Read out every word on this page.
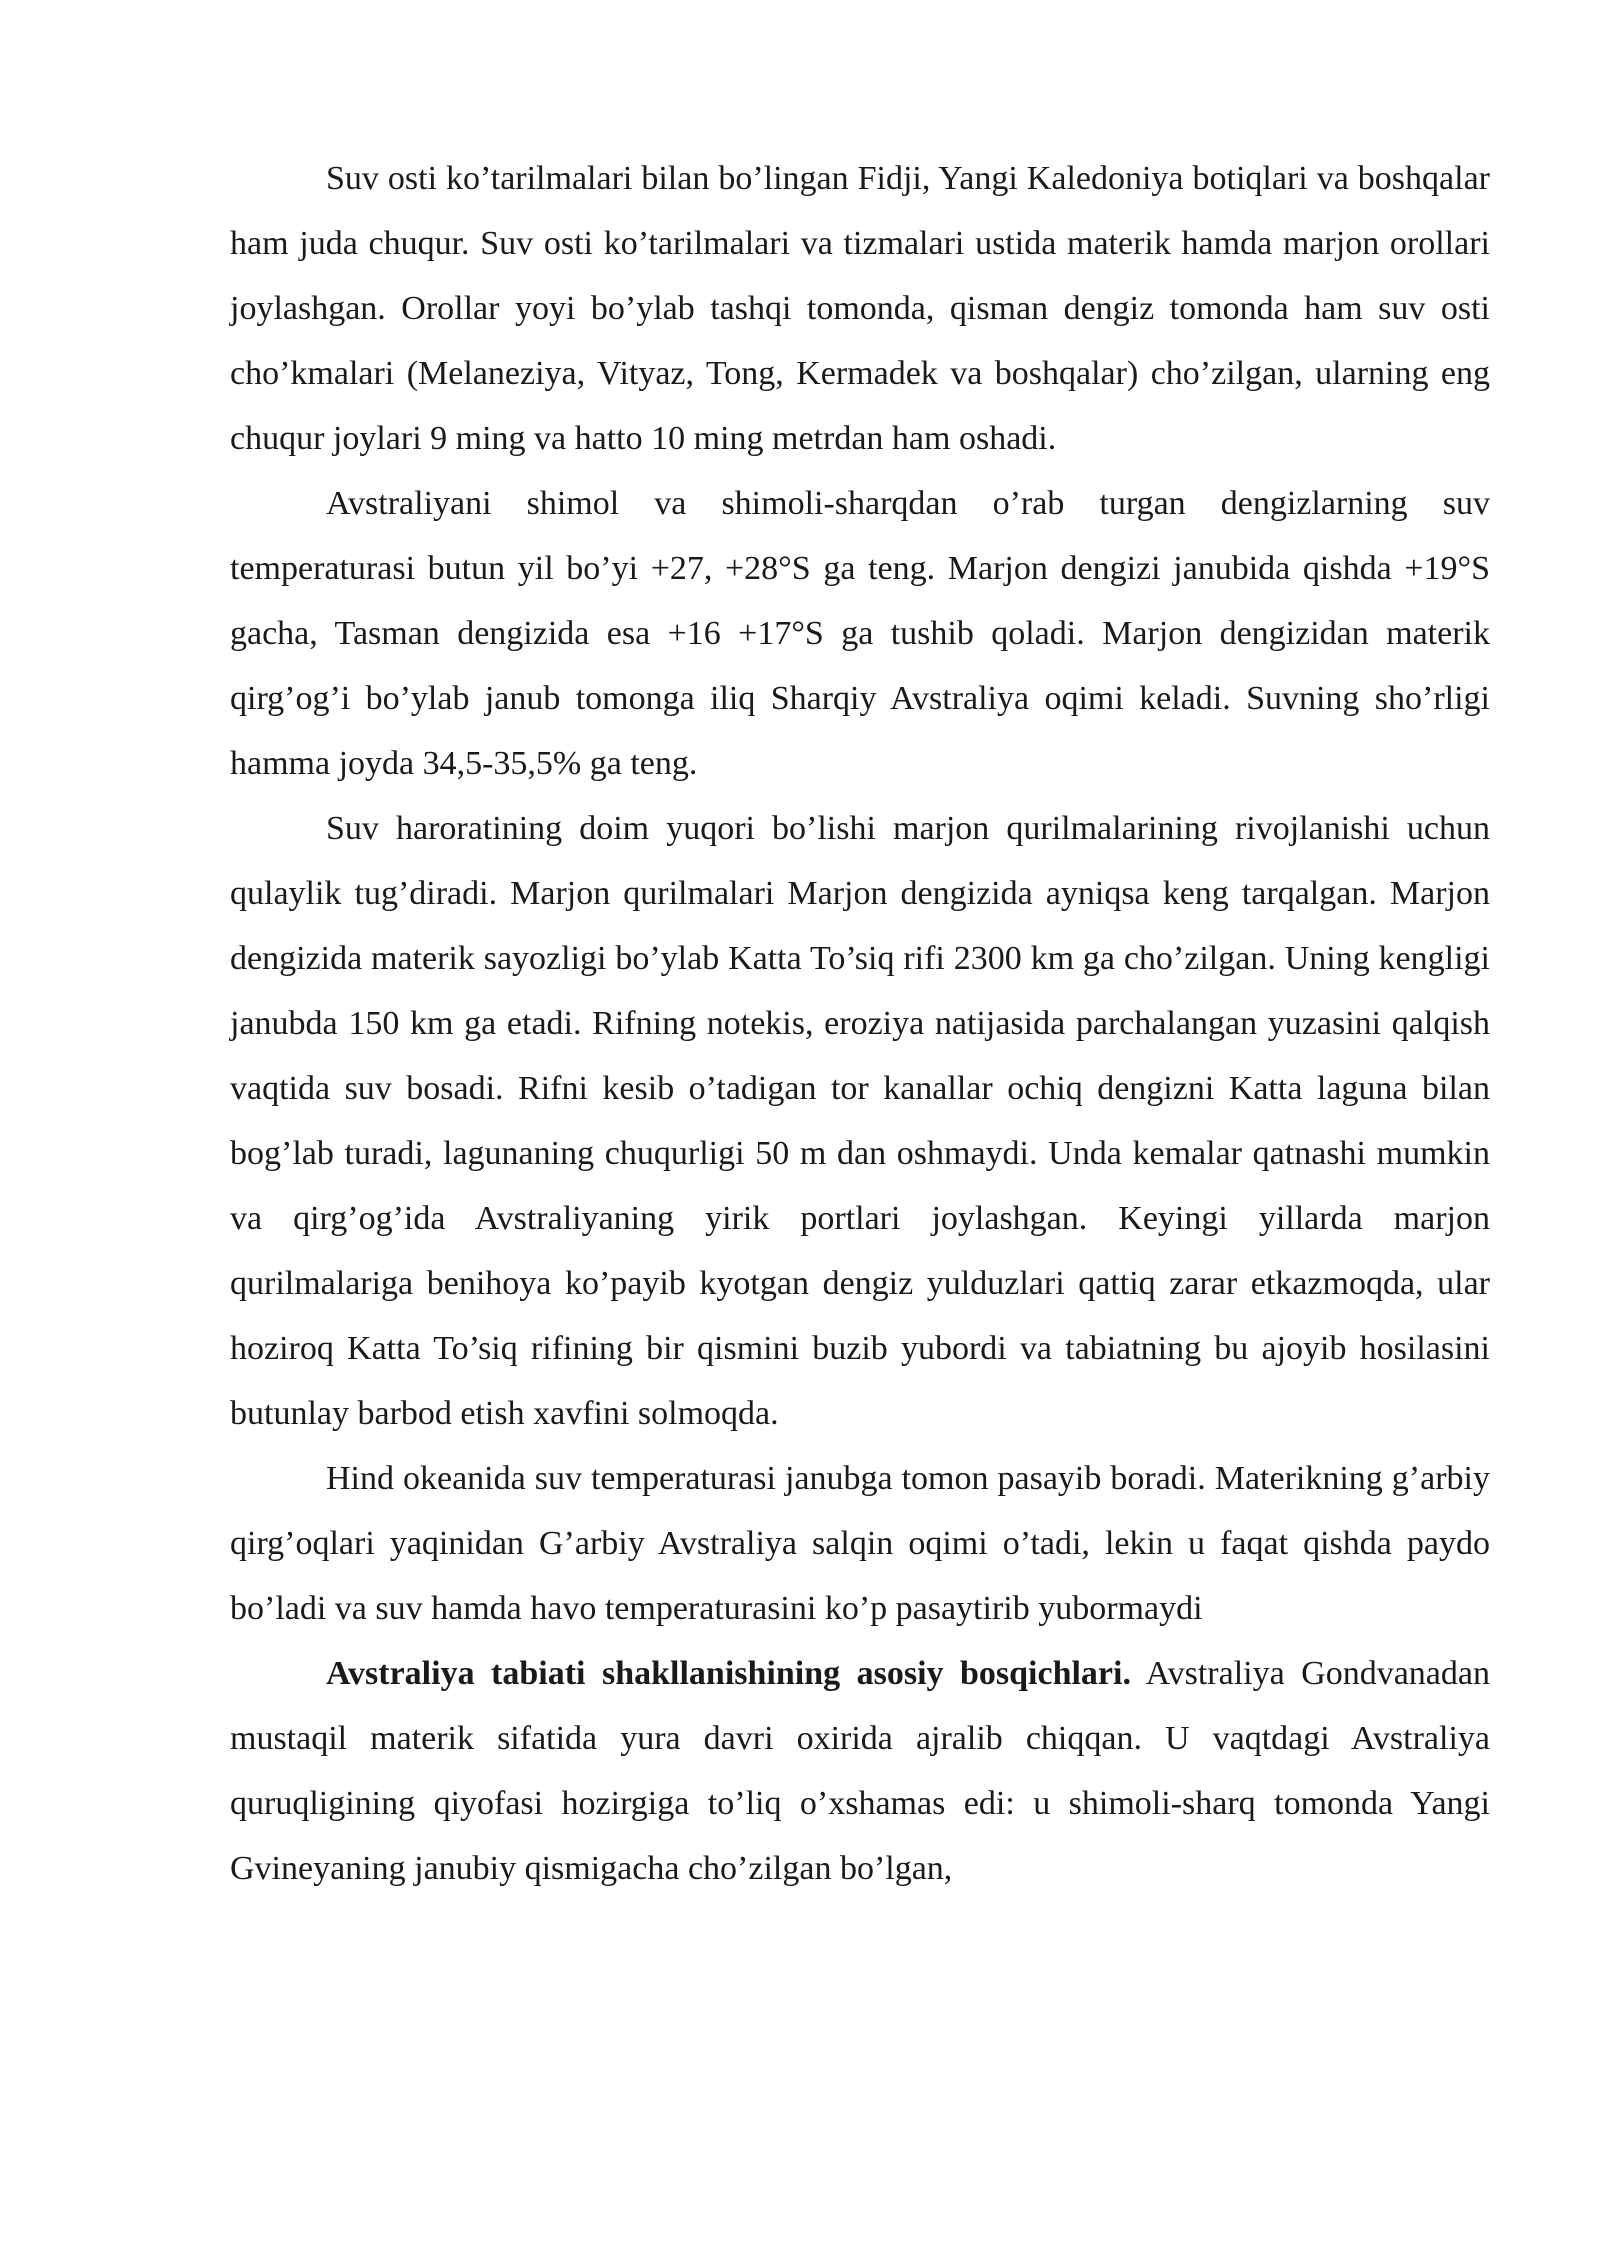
Suv osti ko’tarilmalari bilan bo’lingan Fidji, Yangi Kaledoniya botiqlari va boshqalar ham juda chuqur. Suv osti ko’tarilmalari va tizmalari ustida materik hamda marjon orollari joylashgan. Orollar yoyi bo’ylab tashqi tomonda, qisman dengiz tomonda ham suv osti cho’kmalari (Melaneziya, Vityaz, Tong, Kermadek va boshqalar) cho’zilgan, ularning eng chuqur joylari 9 ming va hatto 10 ming metrdan ham oshadi.

Avstraliyani shimol va shimoli-sharqdan o’rab turgan dengizlarning suv temperaturasi butun yil bo’yi +27, +28°S ga teng. Marjon dengizi janubida qishda +19°S gacha, Tasman dengizida esa +16 +17°S ga tushib qoladi. Marjon dengizidan materik qirg’og’i bo’ylab janub tomonga iliq Sharqiy Avstraliya oqimi keladi. Suvning sho’rligi hamma joyda 34,5-35,5% ga teng.

Suv haroratining doim yuqori bo’lishi marjon qurilmalarining rivojlanishi uchun qulaylik tug’diradi. Marjon qurilmalari Marjon dengizida ayniqsa keng tarqalgan. Marjon dengizida materik sayozligi bo’ylab Katta To’siq rifi 2300 km ga cho’zilgan. Uning kengligi janubda 150 km ga etadi. Rifning notekis, eroziya natijasida parchalangan yuzasini qalqish vaqtida suv bosadi. Rifni kesib o’tadigan tor kanallar ochiq dengizni Katta laguna bilan bog’lab turadi, lagunaning chuqurligi 50 m dan oshmaydi. Unda kemalar qatnashi mumkin va qirg’og’ida Avstraliyaning yirik portlari joylashgan. Keyingi yillarda marjon qurilmalariga benihoya ko’payib kyotgan dengiz yulduzlari qattiq zarar etkazmoqda, ular hoziroq Katta To’siq rifining bir qismini buzib yubordi va tabiatning bu ajoyib hosilasini butunlay barbod etish xavfini solmoqda.

Hind okeanida suv temperaturasi janubga tomon pasayib boradi. Materikning g’arbiy qirg’oqlari yaqinidan G’arbiy Avstraliya salqin oqimi o’tadi, lekin u faqat qishda paydo bo’ladi va suv hamda havo temperaturasini ko’p pasaytirib yubormaydi

Avstraliya tabiati shakllanishining asosiy bosqichlari. Avstraliya Gondvanadan mustaqil materik sifatida yura davri oxirida ajralib chiqqan. U vaqtdagi Avstraliya quruqligining qiyofasi hozirgiga to’liq o’xshamas edi: u shimoli-sharq tomonda Yangi Gvineyaning janubiy qismigacha cho’zilgan bo’lgan,
